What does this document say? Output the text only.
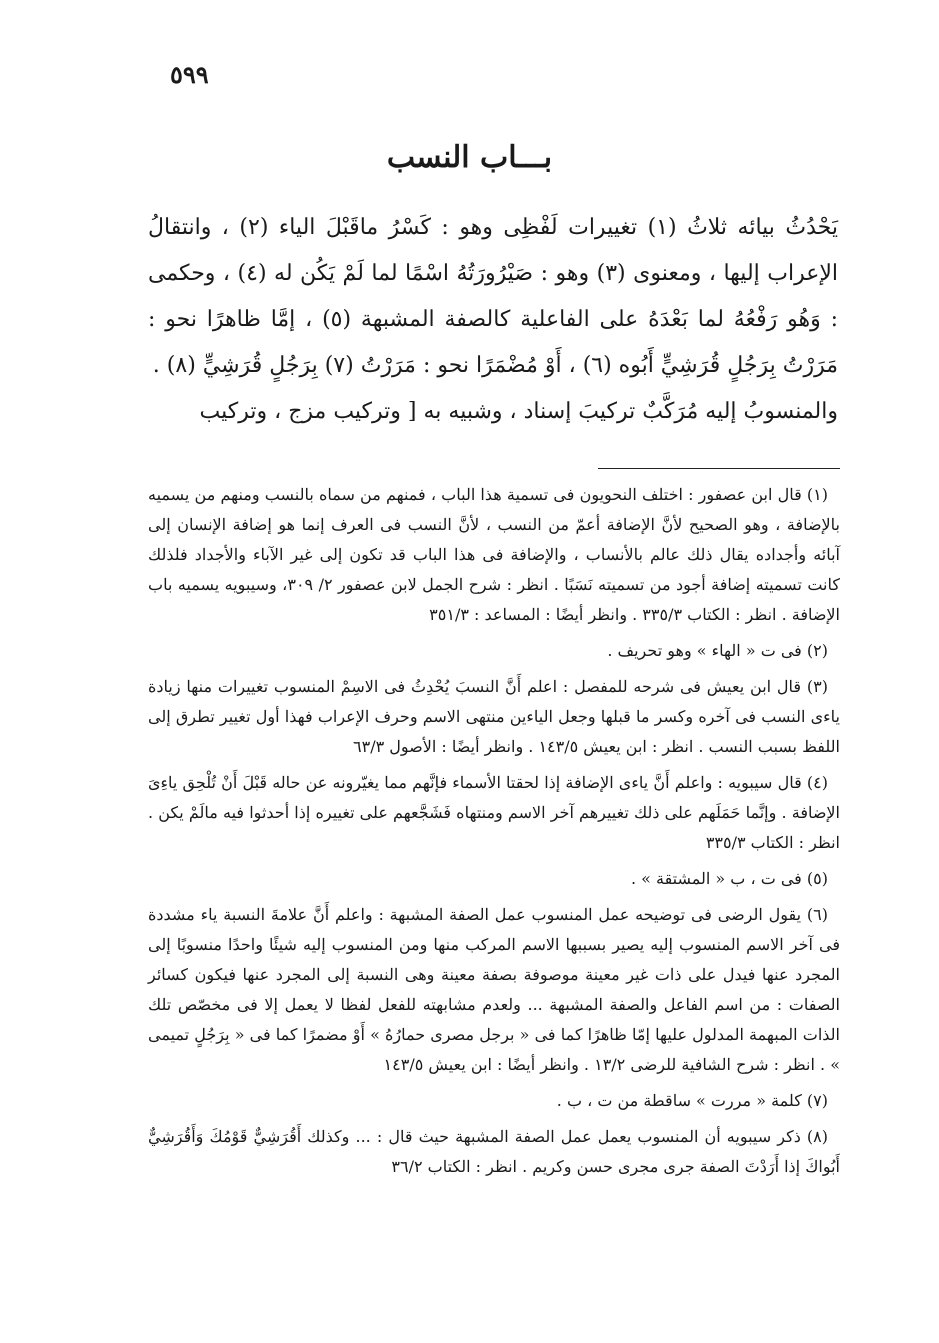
٥٩٩
بـــاب النسب

يَحْدُثُ بيائه ثلاثُ (١) تغييرات لَفْظِى وهو : كَسْرُ ماقَبْلَ الياء (٢) ، وانتقالُ الإعراب إليها ، ومعنوى (٣) وهو : صَيْرُورَتُهُ اسْمًا لما لَمْ يَكُن له (٤) ، وحكمى : وَهُو رَفْعُهُ لما بَعْدَهُ على الفاعلية كالصفة المشبهة (٥) ، إمَّا ظاهرًا نحو : مَرَرْتُ بِرَجُلٍ قُرَشِيٍّ أَبُوه (٦) ، أَوْ مُضْمَرًا نحو : مَرَرْتُ (٧) بِرَجُلٍ قُرَشِيٍّ (٨) .

والمنسوبُ إليه مُرَكَّبٌ تركيبَ إسناد ، وشبيه به [ وتركيب مزج ، وتركيب

(١) قال ابن عصفور : اختلف النحويون فى تسمية هذا الباب ، فمنهم من سماه بالنسب ومنهم من يسميه بالإضافة ، وهو الصحيح لأنَّ الإضافة أعمّ من النسب ، لأنَّ النسب فى العرف إنما هو إضافة الإنسان إلى آبائه وأجداده يقال ذلك عالم بالأنساب ، والإضافة فى هذا الباب قد تكون إلى غير الآباء والأجداد فلذلك كانت تسميته إضافة أجود من تسميته نَسَبًا . انظر : شرح الجمل لابن عصفور ٢/ ٣٠٩، وسيبويه يسميه باب الإضافة . انظر : الكتاب ٣٣٥/٣ . وانظر أيضًا : المساعد : ٣٥١/٣

(٢) فى ت « الهاء » وهو تحريف .

(٣) قال ابن يعيش فى شرحه للمفصل : اعلم أَنَّ النسبَ يُحْدِثُ فى الاسِمْ المنسوب تغييرات منها زيادة ياءى النسب فى آخره وكسر ما قبلها وجعل الياءين منتهى الاسم وحرف الإعراب فهذا أول تغيير تطرق إلى اللفظ بسبب النسب . انظر : ابن يعيش ١٤٣/٥ . وانظر أيضًا : الأصول ٦٣/٣

(٤) قال سيبويه : واعلم أَنَّ ياءى الإضافة إذا لحقتا الأسماء فإنَّهم مما يغيّرونه عن حاله قَبْلَ أَنْ تُلْحِق ياءِىَ الإضافة . وإنَّما حَمَلَهم على ذلك تغييرهم آخر الاسم ومنتهاه فَشَجَّعهم على تغييره إذا أحدثوا فيه مالَمْ يكن . انظر : الكتاب ٣٣٥/٣

(٥) فى ت ، ب « المشتقة » .

(٦) يقول الرضى فى توضيحه عمل المنسوب عمل الصفة المشبهة : واعلم أَنَّ علامةَ النسبة ياء مشددة فى آخر الاسم المنسوب إليه يصير بسببها الاسم المركب منها ومن المنسوب إليه شيئًا واحدًا منسوبًا إلى المجرد عنها فيدل على ذات غير معينة موصوفة بصفة معينة وهى النسبة إلى المجرد عنها فيكون كسائر الصفات : من اسم الفاعل والصفة المشبهة ... ولعدم مشابهته للفعل لفظا لا يعمل إلا فى مخصّص تلك الذات المبهمة المدلول عليها إمّا ظاهرًا كما فى « برجل مصرى حمارُهُ » أَوْ مضمرًا كما فى « بِرَجُلٍ تميمى » . انظر : شرح الشافية للرضى ١٣/٢ . وانظر أيضًا : ابن يعيش ١٤٣/٥

(٧) كلمة « مررت » ساقطة من ت ، ب .

(٨) ذكر سيبويه أن المنسوب يعمل عمل الصفة المشبهة حيث قال : ... وكذلك أَقُرَشِيٌّ قَوْمُكَ وَأَقُرَشِيٌّ أَبُواكَ إذا أَرَدْتَ الصفة جرى مجرى حسن وكريم . انظر : الكتاب ٣٦/٢
